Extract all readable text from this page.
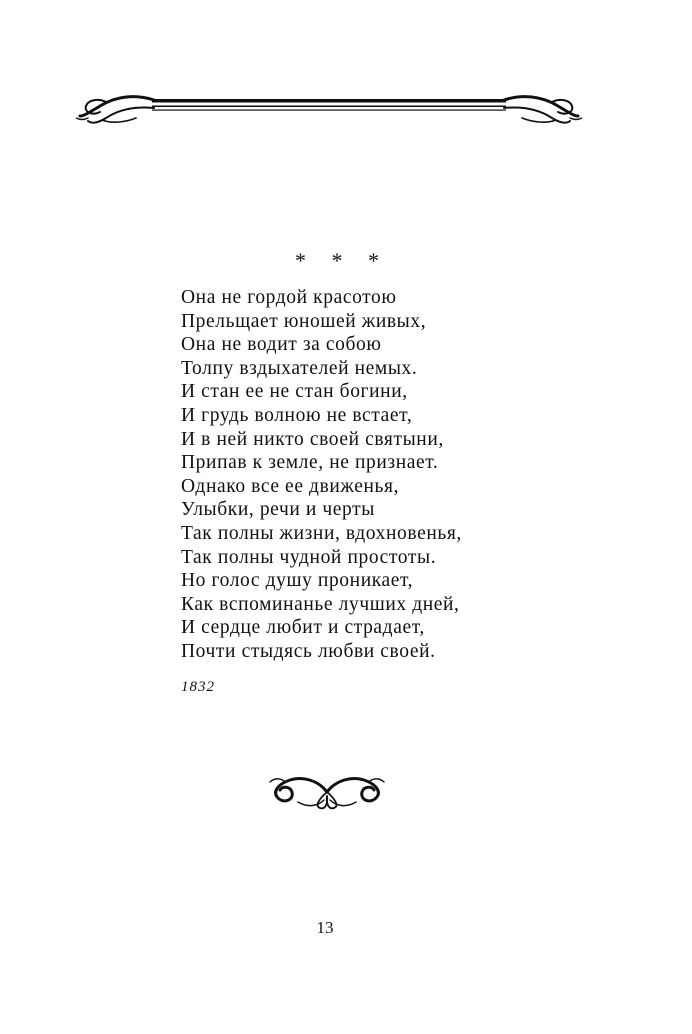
* * *
Она не гордой красотою
Прельщает юношей живых,
Она не водит за собою
Толпу вздыхателей немых.
И стан ее не стан богини,
И грудь волною не встает,
И в ней никто своей святыни,
Припав к земле, не признает.
Однако все ее движенья,
Улыбки, речи и черты
Так полны жизни, вдохновенья,
Так полны чудной простоты.
Но голос душу проникает,
Как вспоминанье лучших дней,
И сердце любит и страдает,
Почти стыдясь любви своей.
1832
13
